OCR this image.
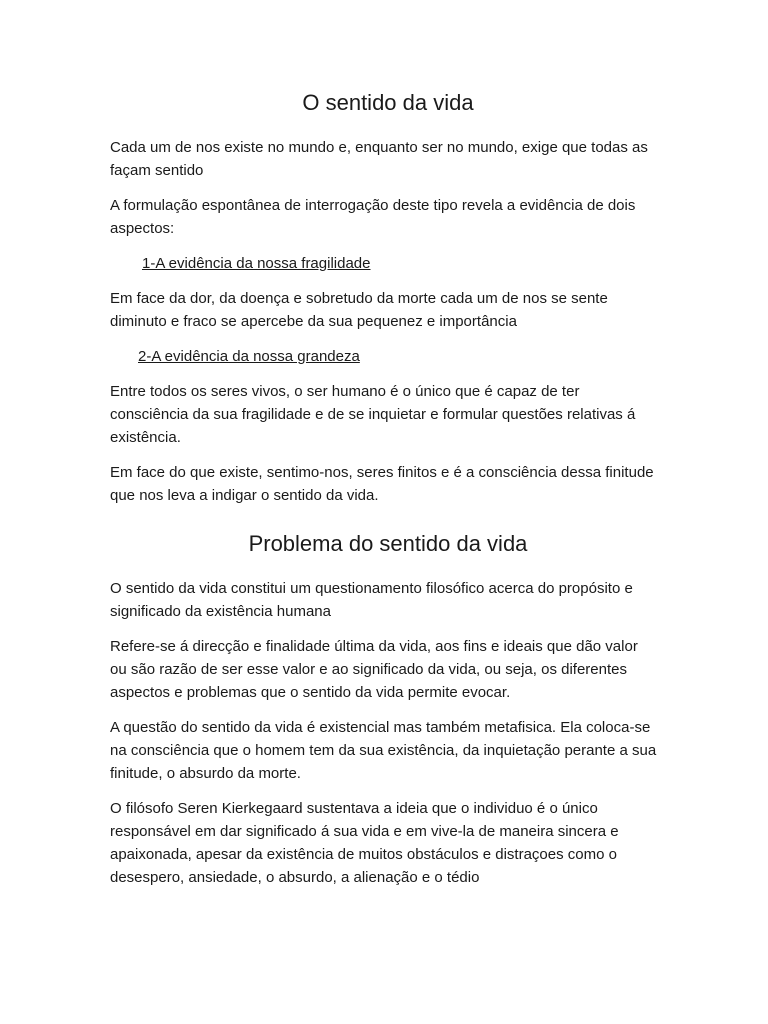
O sentido da vida

Cada um de nos existe no mundo e, enquanto ser no mundo, exige que todas as façam sentido

A formulação espontânea de interrogação deste tipo revela a evidência de dois aspectos:

1-A evidência da nossa fragilidade

Em face da dor, da doença e sobretudo da morte cada um de nos se sente diminuto e fraco se apercebe da sua pequenez e importância

2-A evidência da nossa grandeza

Entre todos os seres vivos, o ser humano é o único que é capaz de ter consciência da sua fragilidade e de se inquietar e formular questões relativas á existência.

Em face do que existe, sentimo-nos, seres finitos e é a consciência dessa finitude que nos leva a indigar o sentido da vida.

Problema do sentido da vida

O sentido da vida constitui um questionamento filosófico acerca do propósito e significado da existência humana

Refere-se á direcção e finalidade última da vida, aos fins e ideais que dão valor ou são razão de ser esse valor e ao significado da vida, ou seja, os diferentes aspectos e problemas que o sentido da vida permite evocar.

A questão do sentido da vida é existencial mas também metafisica. Ela coloca-se na consciência que o homem tem da sua existência, da inquietação perante a sua finitude, o absurdo da morte.

O filósofo Seren Kierkegaard sustentava a ideia que o individuo é o único responsável em dar significado á sua vida e em vive-la de maneira sincera e apaixonada, apesar da existência de muitos obstáculos e distraçoes como o desespero, ansiedade, o absurdo, a alienação e o tédio
